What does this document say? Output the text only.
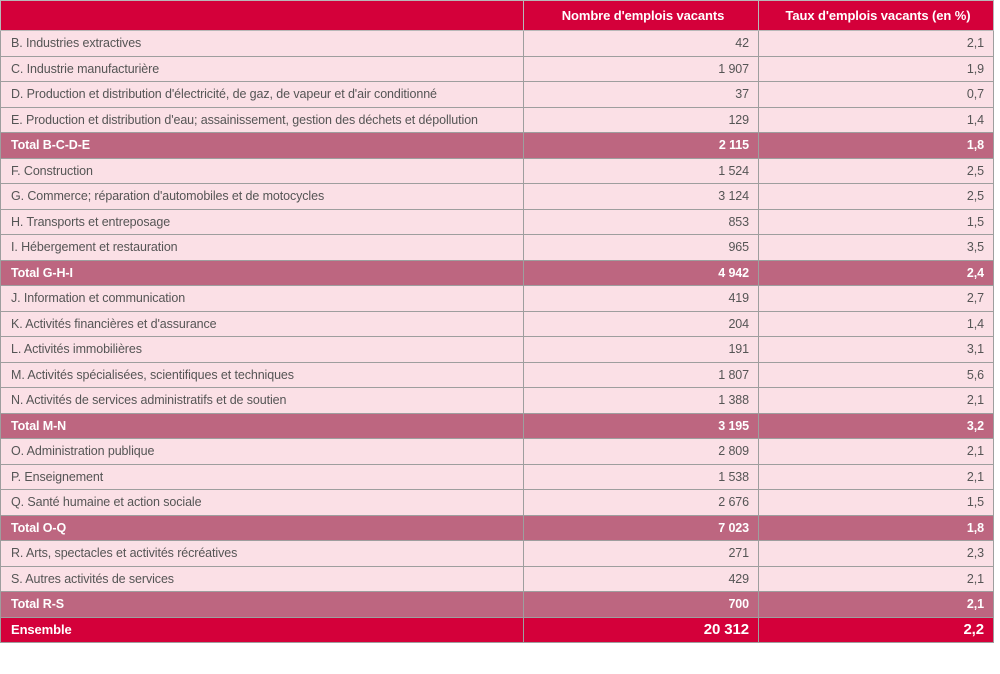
	Nombre d'emplois vacants	Taux d'emplois vacants (en %)
B. Industries extractives	42	2,1
C. Industrie manufacturière	1 907	1,9
D. Production et distribution d'électricité, de gaz, de vapeur et d'air conditionné	37	0,7
E. Production et distribution d'eau; assainissement, gestion des déchets et dépollution	129	1,4
Total B-C-D-E	2 115	1,8
F. Construction	1 524	2,5
G. Commerce; réparation d'automobiles et de motocycles	3 124	2,5
H. Transports et entreposage	853	1,5
I. Hébergement et restauration	965	3,5
Total G-H-I	4 942	2,4
J. Information et communication	419	2,7
K. Activités financières et d'assurance	204	1,4
L. Activités immobilières	191	3,1
M. Activités spécialisées, scientifiques et techniques	1 807	5,6
N. Activités de services administratifs et de soutien	1 388	2,1
Total M-N	3 195	3,2
O. Administration publique	2 809	2,1
P. Enseignement	1 538	2,1
Q. Santé humaine et action sociale	2 676	1,5
Total O-Q	7 023	1,8
R. Arts, spectacles et activités récréatives	271	2,3
S. Autres activités de services	429	2,1
Total R-S	700	2,1
Ensemble	20 312	2,2
